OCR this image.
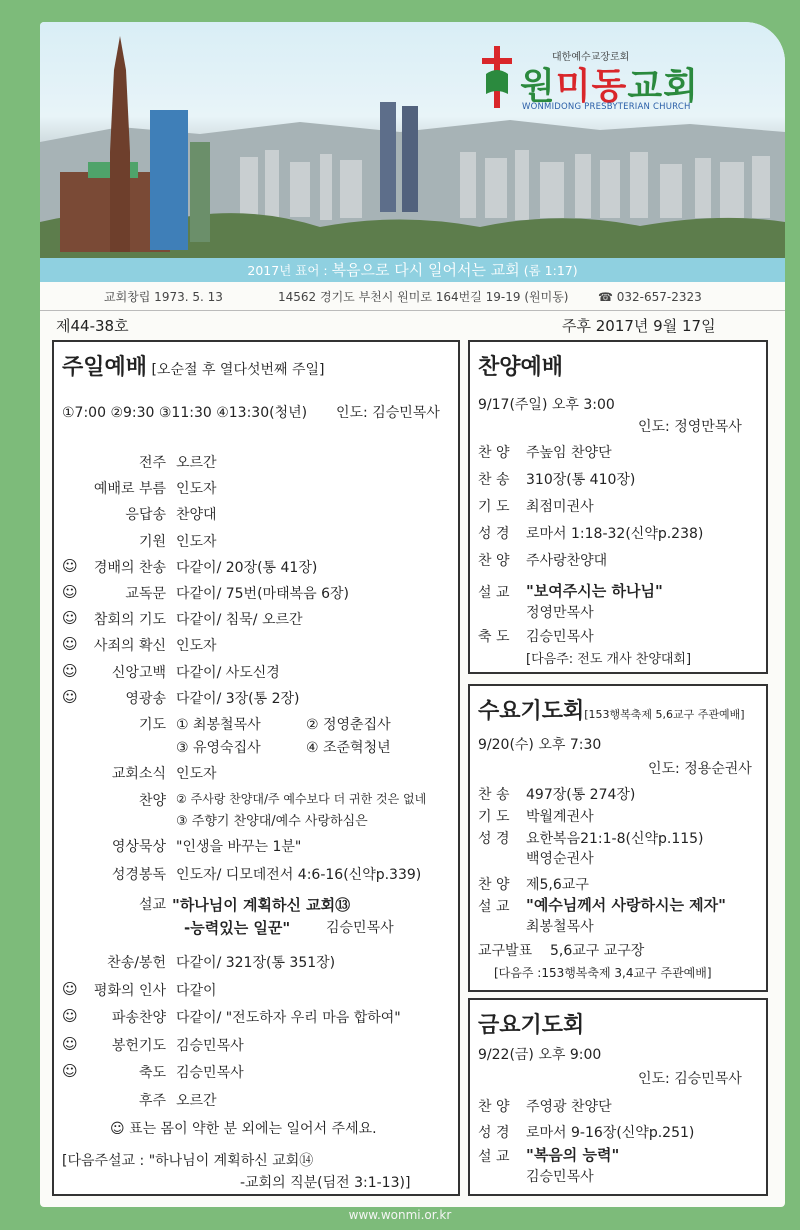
대한예수교장로회
원미동교회
WONMIDONG PRESBYTERIAN CHURCH
2017년 표어 : 복음으로 다시 일어서는 교회 (롬 1:17)
교회창립 1973. 5. 13	14562 경기도 부천시 원미로 164번길 19-19 (원미동) ☎ 032-657-2323
제44-38호	주후 2017년 9월 17일
주일예배 [오순절 후 열다섯번째 주일]
①7:00 ②9:30 ③11:30 ④13:30(청년) 인도: 김승민목사
전주 오르간
예배로 부름 인도자
응답송 찬양대
기원 인도자
☺	경배의 찬송 다같이/ 20장(통 41장)
☺	교독문 다같이/ 75번(마태복음 6장)
☺	참회의 기도 다같이/ 침묵/ 오르간
☺	사죄의 확신 인도자
☺	신앙고백 다같이/ 사도신경
☺	영광송 다같이/ 3장(통 2장)
기도 ① 최봉철목사	② 정영춘집사
③ 유영숙집사	④ 조준혁청년
교회소식 인도자
찬양 ② 주사랑 찬양대/주 예수보다 더 귀한 것은 없네
③ 주향기 찬양대/예수 사랑하심은
영상묵상 "인생을 바꾸는 1분"
성경봉독 인도자/ 디모데전서 4:6-16(신약p.339)
설교 "하나님이 계획하신 교회⑬
-능력있는 일꾼"	김승민목사
찬송/봉헌 다같이/ 321장(통 351장)
☺	평화의 인사 다같이
☺	파송찬양 다같이/ "전도하자 우리 마음 합하여"
☺	봉헌기도 김승민목사
☺	축도 김승민목사
후주 오르간
☺ 표는 몸이 약한 분 외에는 일어서 주세요.
[다음주설교 : "하나님이 계획하신 교회⑭
-교회의 직분(딤전 3:1-13)]
찬양예배
9/17(주일) 오후 3:00
인도: 정영만목사
찬 양 주높임 찬양단
찬 송 310장(통 410장)
기 도 최점미권사
성 경 로마서 1:18-32(신약p.238)
찬 양 주사랑찬양대
설 교 "보여주시는 하나님"
정영만목사
축 도 김승민목사
[다음주: 전도 개사 찬양대회]
수요기도회[153행복축제 5,6교구 주관예배]
9/20(수) 오후 7:30
인도: 정용순권사
찬 송 497장(통 274장)
기 도 박월계권사
성 경 요한복음21:1-8(신약p.115)
백영순권사
찬 양 제5,6교구
설 교 "예수님께서 사랑하시는 제자"
최봉철목사
교구발표 5,6교구 교구장
[다음주 :153행복축제 3,4교구 주관예배]
금요기도회
9/22(금) 오후 9:00
인도: 김승민목사
찬 양 주영광 찬양단
성 경 로마서 9-16장(신약p.251)
설 교 "복음의 능력"
김승민목사
www.wonmi.or.kr
